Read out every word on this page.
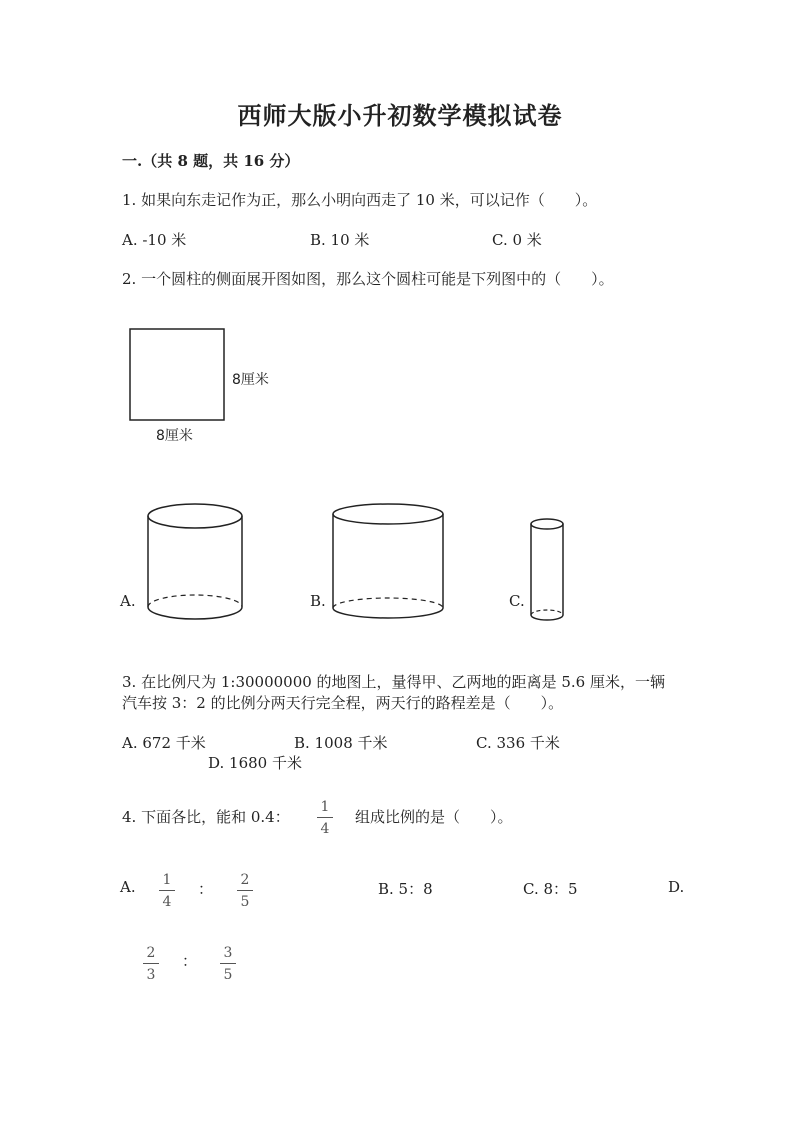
西师大版小升初数学模拟试卷
一.（共 8 题，共 16 分）
1. 如果向东走记作为正，那么小明向西走了 10 米，可以记作（　　）。
A. -10 米	B. 10 米	C. 0 米
2. 一个圆柱的侧面展开图如图，那么这个圆柱可能是下列图中的（　　）。
8厘米
8厘米
A.	B.	C.
3. 在比例尺为 1:30000000 的地图上，量得甲、乙两地的距离是 5.6 厘米，一辆
汽车按 3：2 的比例分两天行完全程，两天行的路程差是（　　）。
A. 672 千米	B. 1008 千米	C. 336 千米
D. 1680 千米
4. 下面各比，能和 0.4：
1
4
组成比例的是（　　）。
A.	1
4
：	2
5
B. 5：8	C. 8：5	D.
2
3
：	3
5
